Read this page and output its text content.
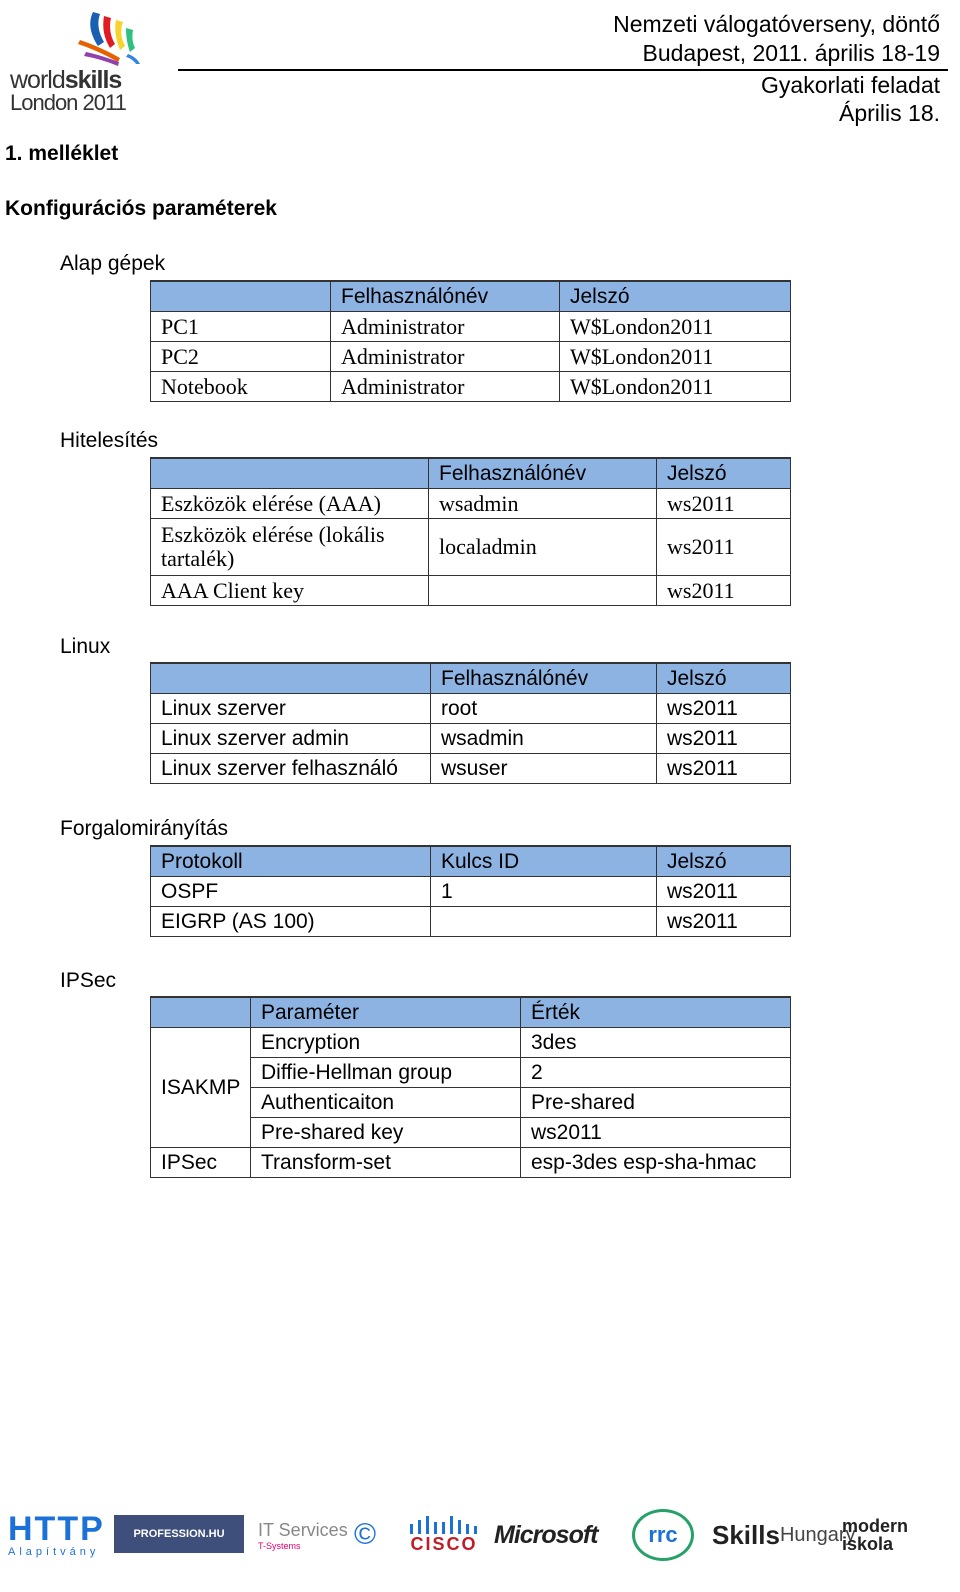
worldskills
London 2011
Nemzeti válogatóverseny, döntő
Budapest, 2011. április 18-19
Gyakorlati feladat
Április 18.
1. melléklet
Konfigurációs paraméterek
Alap gépek
	Felhasználónév	Jelszó
PC1	Administrator	W$London2011
PC2	Administrator	W$London2011
Notebook	Administrator	W$London2011
Hitelesítés
	Felhasználónév	Jelszó
Eszközök elérése (AAA)	wsadmin	ws2011
Eszközök elérése (lokális tartalék)	localadmin	ws2011
AAA Client key		ws2011
Linux
	Felhasználónév	Jelszó
Linux szerver	root	ws2011
Linux szerver admin	wsadmin	ws2011
Linux szerver felhasználó	wsuser	ws2011
Forgalomirányítás
Protokoll	Kulcs ID	Jelszó
OSPF	1	ws2011
EIGRP (AS 100)		ws2011
IPSec
	Paraméter	Érték
ISAKMP	Encryption	3des
	Diffie-Hellman group	2
	Authenticaiton	Pre-shared
	Pre-shared key	ws2011
IPSec	Transform-set	esp-3des esp-sha-hmac
HTTP
Alapítvány
PROFESSION.HU IT Services
T-Systems © CISCO Microsoft	rrc	Skills Hungary
modern
iskola
